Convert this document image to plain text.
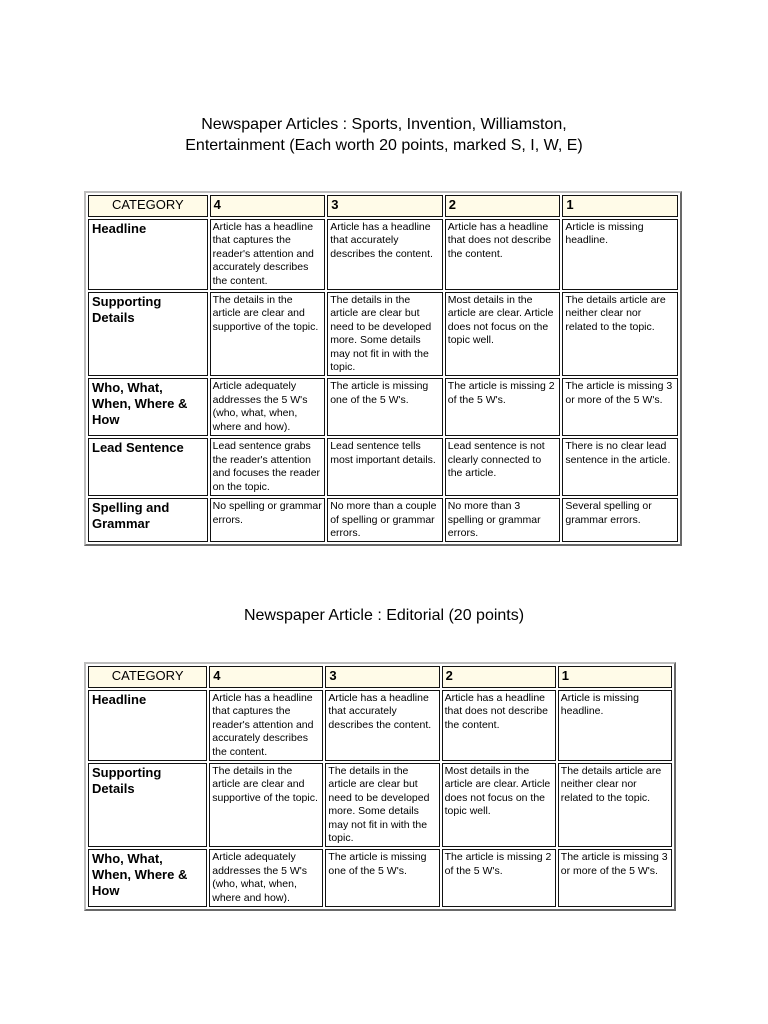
Newspaper Articles : Sports, Invention, Williamston,
Entertainment (Each worth 20 points, marked S, I, W, E)
CATEGORY	4	3	2	1
Headline	Article has a headline that captures the reader's attention and accurately describes the content.	Article has a headline that accurately describes the content.	Article has a headline that does not describe the content.	Article is missing headline.
Supporting Details	The details in the article are clear and supportive of the topic.	The details in the article are clear but need to be developed more. Some details may not fit in with the topic.	Most details in the article are clear. Article does not focus on the topic well.	The details article are neither clear nor related to the topic.
Who, What, When, Where & How	Article adequately addresses the 5 W's (who, what, when, where and how).	The article is missing one of the 5 W's.	The article is missing 2 of the 5 W's.	The article is missing 3 or more of the 5 W's.
Lead Sentence	Lead sentence grabs the reader's attention and focuses the reader on the topic.	Lead sentence tells most important details.	Lead sentence is not clearly connected to the article.	There is no clear lead sentence in the article.
Spelling and Grammar	No spelling or grammar errors.	No more than a couple of spelling or grammar errors.	No more than 3 spelling or grammar errors.	Several spelling or grammar errors.
Newspaper Article : Editorial (20 points)
CATEGORY	4	3	2	1
Headline	Article has a headline that captures the reader's attention and accurately describes the content.	Article has a headline that accurately describes the content.	Article has a headline that does not describe the content.	Article is missing headline.
Supporting Details	The details in the article are clear and supportive of the topic.	The details in the article are clear but need to be developed more. Some details may not fit in with the topic.	Most details in the article are clear. Article does not focus on the topic well.	The details article are neither clear nor related to the topic.
Who, What, When, Where & How	Article adequately addresses the 5 W's (who, what, when, where and how).	The article is missing one of the 5 W's.	The article is missing 2 of the 5 W's.	The article is missing 3 or more of the 5 W's.
